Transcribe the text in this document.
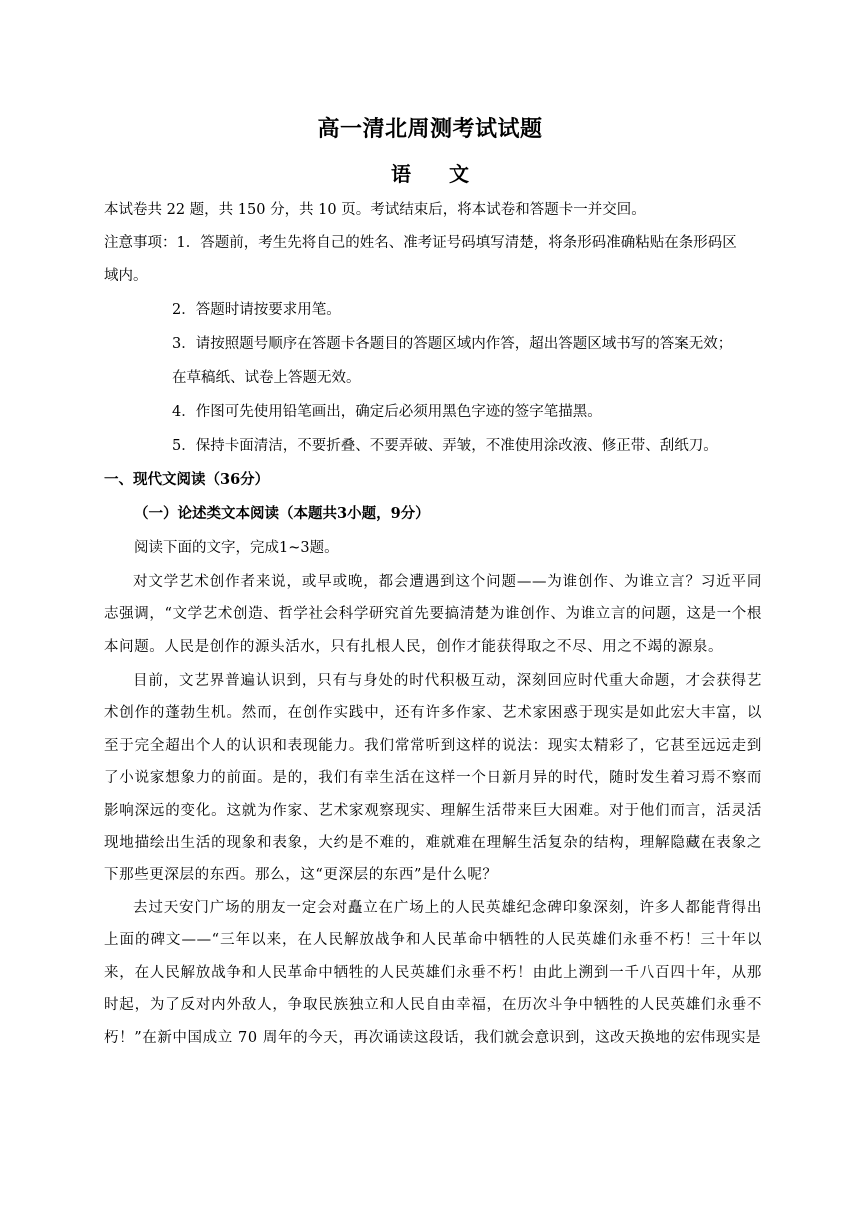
高一清北周测考试试题
语 文
本试卷共 22 题，共 150 分，共 10 页。考试结束后，将本试卷和答题卡一并交回。
注意事项：1．答题前，考生先将自己的姓名、准考证号码填写清楚，将条形码准确粘贴在条形码区
域内。
2．答题时请按要求用笔。
3．请按照题号顺序在答题卡各题目的答题区域内作答，超出答题区域书写的答案无效；
在草稿纸、试卷上答题无效。
4．作图可先使用铅笔画出，确定后必须用黑色字迹的签字笔描黑。
5．保持卡面清洁，不要折叠、不要弄破、弄皱，不准使用涂改液、修正带、刮纸刀。
一、现代文阅读（36分）
（一）论述类文本阅读（本题共3小题，9分）
阅读下面的文字，完成1~3题。
对文学艺术创作者来说，或早或晚，都会遭遇到这个问题——为谁创作、为谁立言？习近平同志强调，“文学艺术创造、哲学社会科学研究首先要搞清楚为谁创作、为谁立言的问题，这是一个根本问题。人民是创作的源头活水，只有扎根人民，创作才能获得取之不尽、用之不竭的源泉。
目前，文艺界普遍认识到，只有与身处的时代积极互动，深刻回应时代重大命题，才会获得艺术创作的蓬勃生机。然而，在创作实践中，还有许多作家、艺术家困惑于现实是如此宏大丰富，以至于完全超出个人的认识和表现能力。我们常常听到这样的说法：现实太精彩了，它甚至远远走到了小说家想象力的前面。是的，我们有幸生活在这样一个日新月异的时代，随时发生着习焉不察而影响深远的变化。这就为作家、艺术家观察现实、理解生活带来巨大困难。对于他们而言，活灵活现地描绘出生活的现象和表象，大约是不难的，难就难在理解生活复杂的结构，理解隐藏在表象之下那些更深层的东西。那么，这“更深层的东西”是什么呢？
去过天安门广场的朋友一定会对矗立在广场上的人民英雄纪念碑印象深刻，许多人都能背得出上面的碑文——“三年以来，在人民解放战争和人民革命中牺牲的人民英雄们永垂不朽！三十年以来，在人民解放战争和人民革命中牺牲的人民英雄们永垂不朽！由此上溯到一千八百四十年，从那时起，为了反对内外敌人，争取民族独立和人民自由幸福，在历次斗争中牺牲的人民英雄们永垂不朽！”在新中国成立 70 周年的今天，再次诵读这段话，我们就会意识到，这改天换地的宏伟现实是
